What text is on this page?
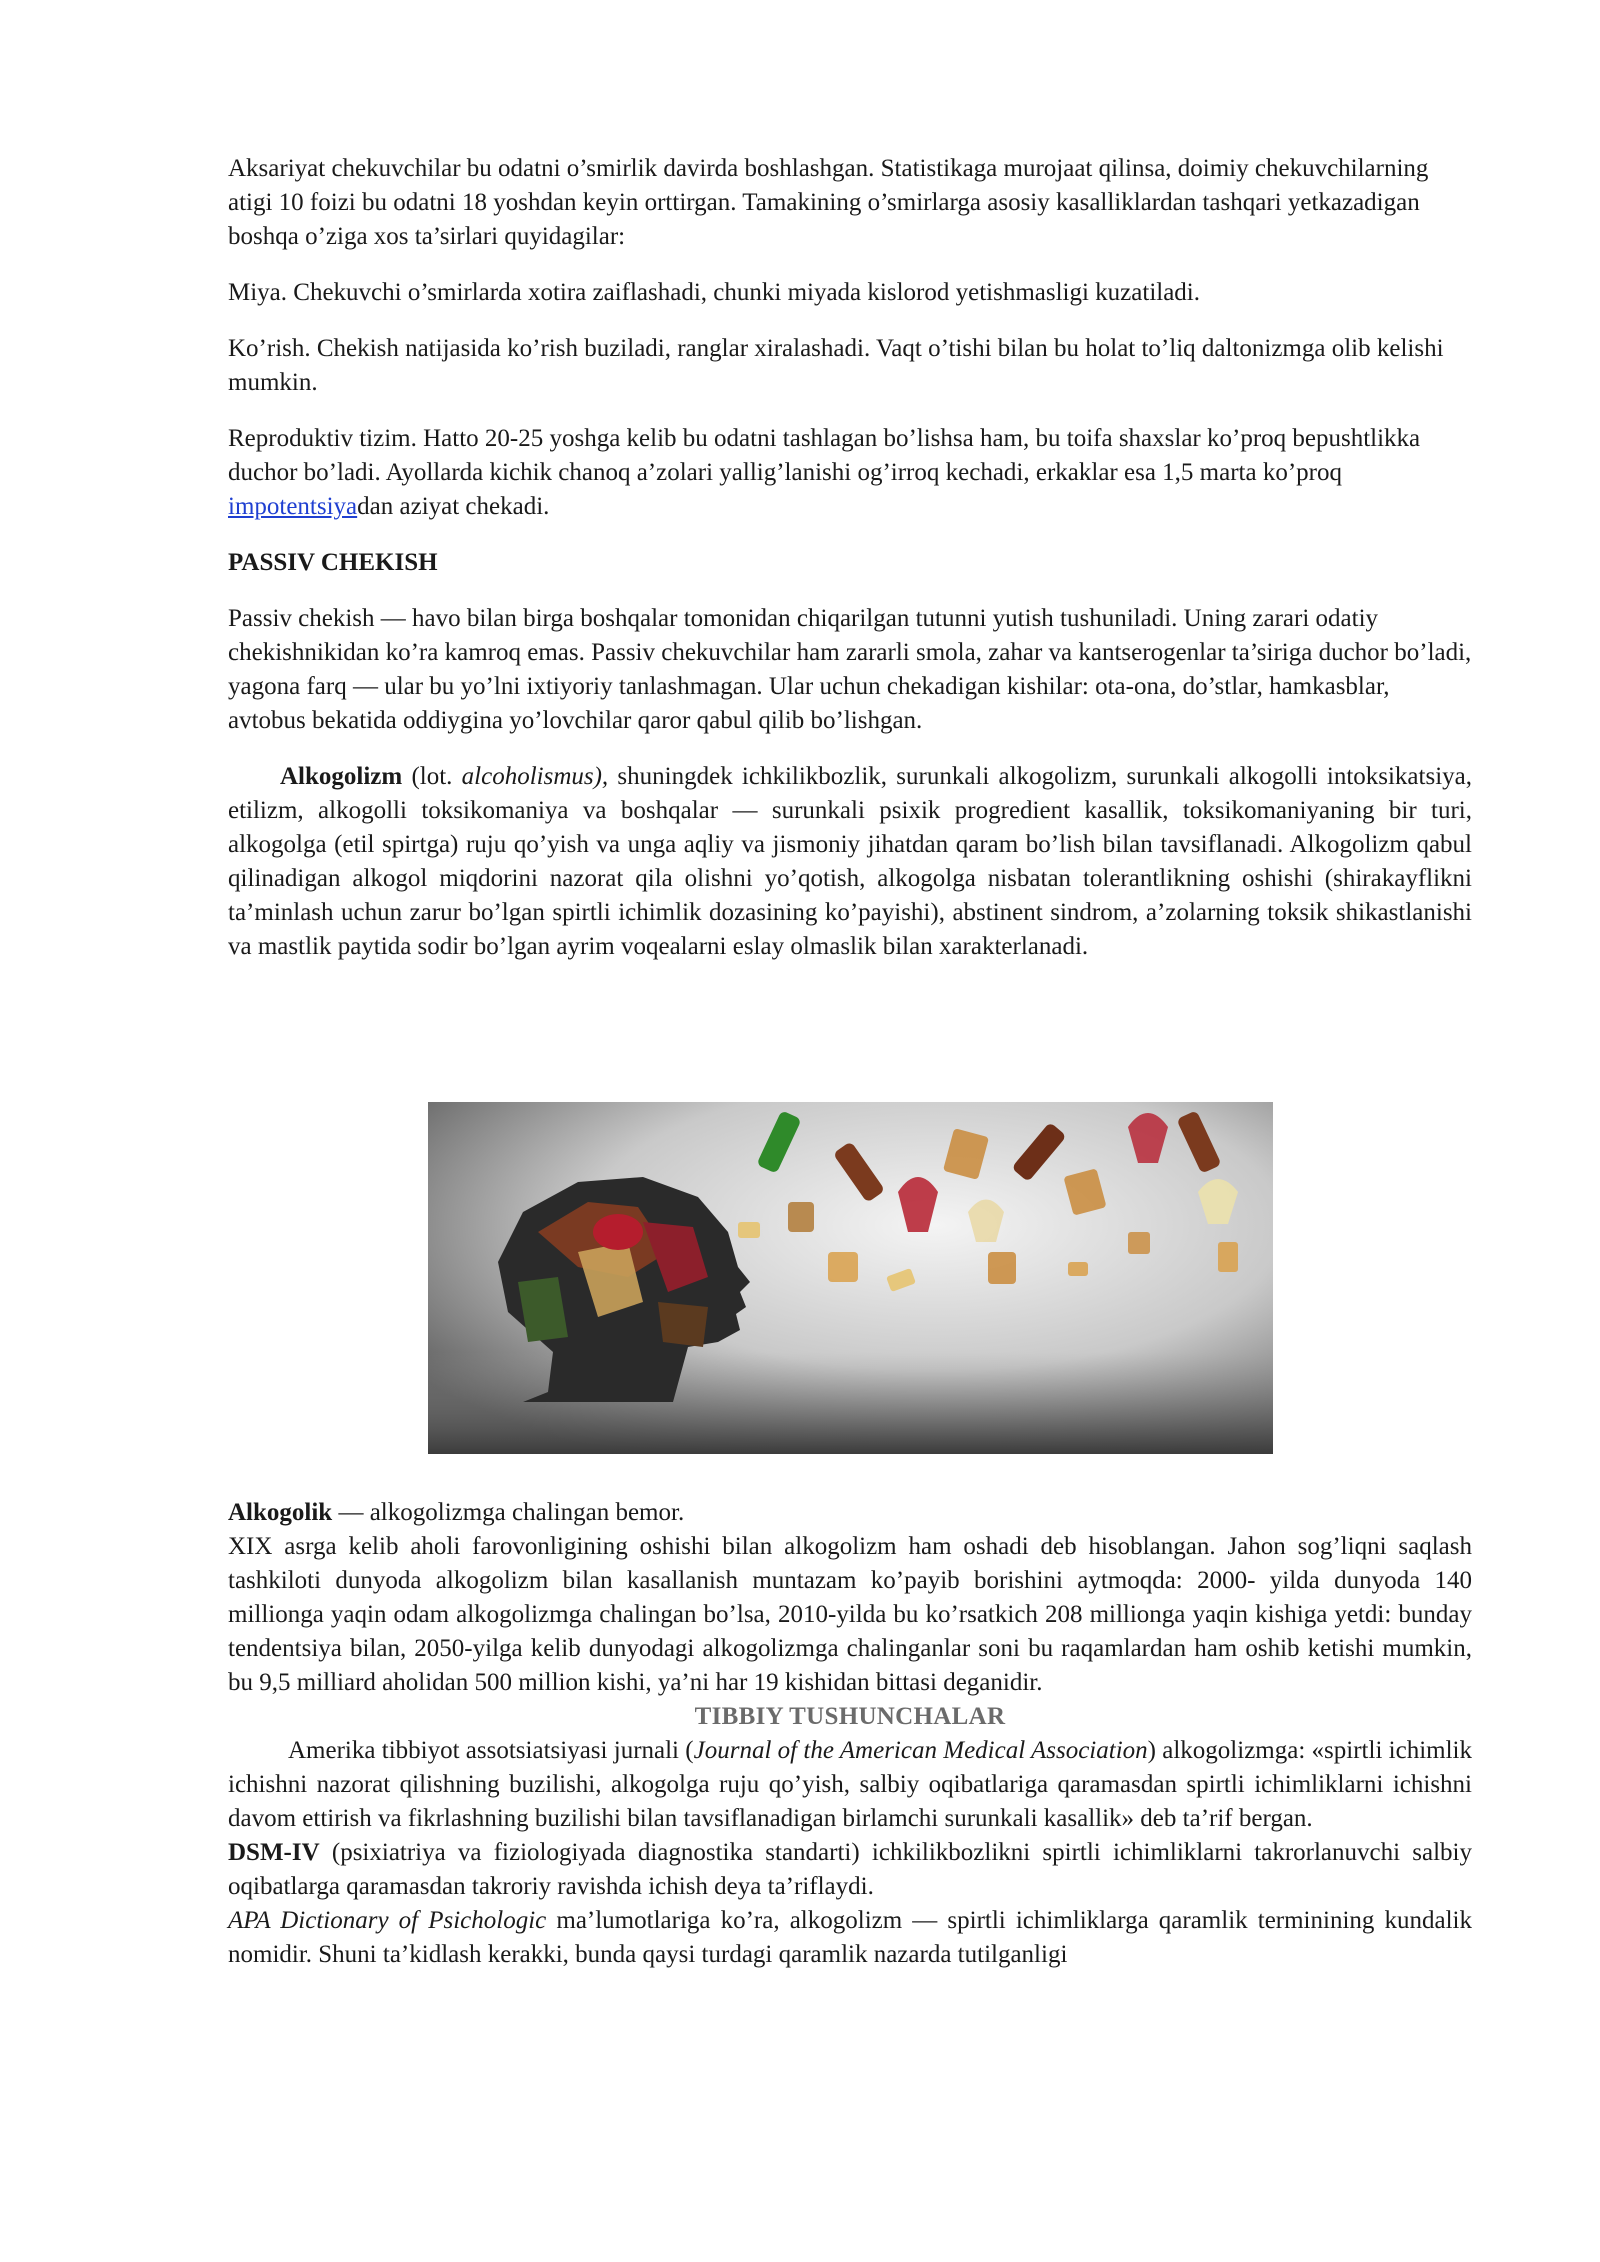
Aksariyat chekuvchilar bu odatni o’smirlik davirda boshlashgan. Statistikaga murojaat qilinsa, doimiy chekuvchilarning atigi 10 foizi bu odatni 18 yoshdan keyin orttirgan. Tamakining o’smirlarga asosiy kasalliklardan tashqari yetkazadigan boshqa o’ziga xos ta’sirlari quyidagilar:

Miya. Chekuvchi o’smirlarda xotira zaiflashadi, chunki miyada kislorod yetishmasligi kuzatiladi.

Ko’rish. Chekish natijasida ko’rish buziladi, ranglar xiralashadi. Vaqt o’tishi bilan bu holat to’liq daltonizmga olib kelishi mumkin.

Reproduktiv tizim. Hatto 20-25 yoshga kelib bu odatni tashlagan bo’lishsa ham, bu toifa shaxslar ko’proq bepushtlikka duchor bo’ladi. Ayollarda kichik chanoq a’zolari yallig’lanishi og’irroq kechadi, erkaklar esa 1,5 marta ko’proq impotentsiyadan aziyat chekadi.

PASSIV CHEKISH

Passiv chekish — havo bilan birga boshqalar tomonidan chiqarilgan tutunni yutish tushuniladi. Uning zarari odatiy chekishnikidan ko’ra kamroq emas. Passiv chekuvchilar ham zararli smola, zahar va kantserogenlar ta’siriga duchor bo’ladi, yagona farq — ular bu yo’lni ixtiyoriy tanlashmagan. Ular uchun chekadigan kishilar: ota-ona, do’stlar, hamkasblar, avtobus bekatida oddiygina yo’lovchilar qaror qabul qilib bo’lishgan.

Alkogolizm (lot. alcoholismus), shuningdek ichkilikbozlik, surunkali alkogolizm, surunkali alkogolli intoksikatsiya, etilizm, alkogolli toksikomaniya va boshqalar — surunkali psixik progredient kasallik, toksikomaniyaning bir turi, alkogolga (etil spirtga) ruju qo’yish va unga aqliy va jismoniy jihatdan qaram bo’lish bilan tavsiflanadi. Alkogolizm qabul qilinadigan alkogol miqdorini nazorat qila olishni yo’qotish, alkogolga nisbatan tolerantlikning oshishi (shirakayflikni ta’minlash uchun zarur bo’lgan spirtli ichimlik dozasining ko’payishi), abstinent sindrom, a’zolarning toksik shikastlanishi va mastlik paytida sodir bo’lgan ayrim voqealarni eslay olmaslik bilan xarakterlanadi.

Alkogolik — alkogolizmga chalingan bemor.

XIX asrga kelib aholi farovonligining oshishi bilan alkogolizm ham oshadi deb hisoblangan. Jahon sog’liqni saqlash tashkiloti dunyoda alkogolizm bilan kasallanish muntazam ko’payib borishini aytmoqda: 2000- yilda dunyoda 140 millionga yaqin odam alkogolizmga chalingan bo’lsa, 2010-yilda bu ko’rsatkich 208 millionga yaqin kishiga yetdi: bunday tendentsiya bilan, 2050-yilga kelib dunyodagi alkogolizmga chalinganlar soni bu raqamlardan ham oshib ketishi mumkin, bu 9,5 milliard aholidan 500 million kishi, ya’ni har 19 kishidan bittasi deganidir.

TIBBIY TUSHUNCHALAR

Amerika tibbiyot assotsiatsiyasi jurnali (Journal of the American Medical Association) alkogolizmga: «spirtli ichimlik ichishni nazorat qilishning buzilishi, alkogolga ruju qo’yish, salbiy oqibatlariga qaramasdan spirtli ichimliklarni ichishni davom ettirish va fikrlashning buzilishi bilan tavsiflanadigan birlamchi surunkali kasallik» deb ta’rif bergan.

DSM-IV (psixiatriya va fiziologiyada diagnostika standarti) ichkilikbozlikni spirtli ichimliklarni takrorlanuvchi salbiy oqibatlarga qaramasdan takroriy ravishda ichish deya ta’riflaydi.

APA Dictionary of Psichologic ma’lumotlariga ko’ra, alkogolizm — spirtli ichimliklarga qaramlik terminining kundalik nomidir. Shuni ta’kidlash kerakki, bunda qaysi turdagi qaramlik nazarda tutilganligi
